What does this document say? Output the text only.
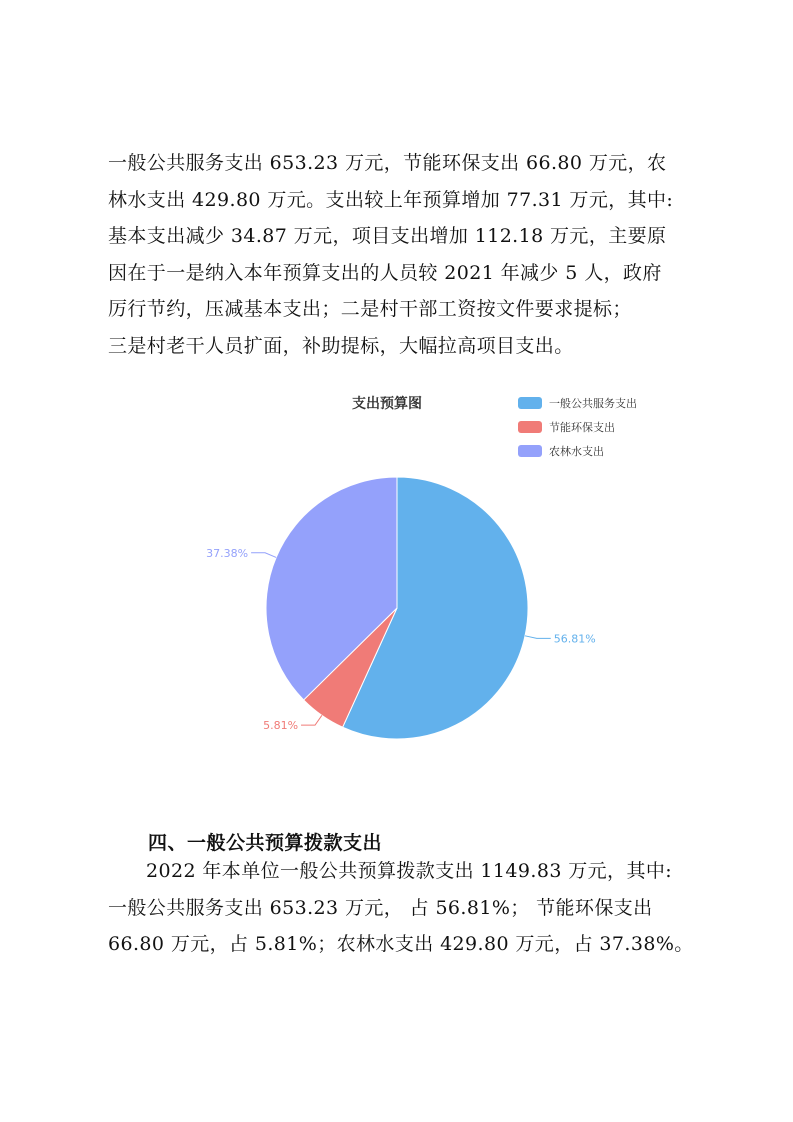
一般公共服务支出 653.23 万元，节能环保支出 66.80 万元，农
林水支出 429.80 万元。支出较上年预算增加 77.31 万元，其中:
基本支出减少 34.87 万元，项目支出增加 112.18 万元，主要原
因在于一是纳入本年预算支出的人员较 2021 年减少 5 人，政府
厉行节约，压减基本支出；二是村干部工资按文件要求提标；
三是村老干人员扩面，补助提标，大幅拉高项目支出。
支出预算图	一般公共服务支出
节能环保支出
农林水支出
56.81%
5.81%
37.38%
四、一般公共预算拨款支出
2022 年本单位一般公共预算拨款支出 1149.83 万元，其中:
一般公共服务支出 653.23 万元， 占 56.81%； 节能环保支出
66.80 万元，占 5.81%；农林水支出 429.80 万元，占 37.38%。
